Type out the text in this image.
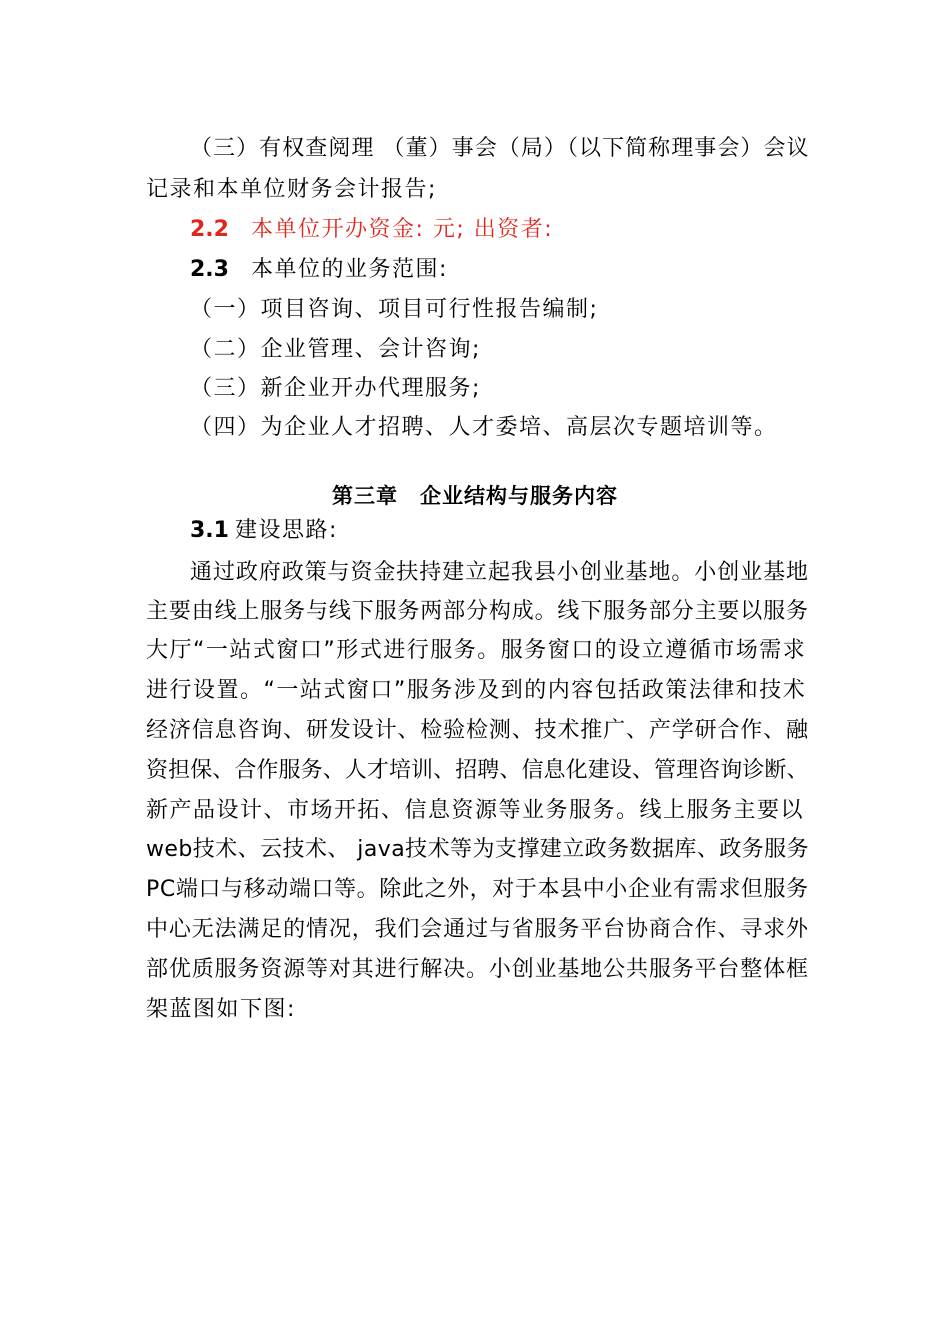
（三）有权查阅理 （董）事会（局）（以下简称理事会）会议
记录和本单位财务会计报告;
2.2 本单位开办资金: 元; 出资者:
2.3 本单位的业务范围:
（一）项目咨询、项目可行性报告编制;
（二）企业管理、会计咨询;
（三）新企业开办代理服务;
（四）为企业人才招聘、人才委培、高层次专题培训等。
第三章　企业结构与服务内容
3.1 建设思路:
通过政府政策与资金扶持建立起我县小创业基地。小创业基地
主要由线上服务与线下服务两部分构成。线下服务部分主要以服务
大厅“一站式窗口”形式进行服务。服务窗口的设立遵循市场需求
进行设置。“一站式窗口”服务涉及到的内容包括政策法律和技术
经济信息咨询、研发设计、检验检测、技术推广、产学研合作、融
资担保、合作服务、人才培训、招聘、信息化建设、管理咨询诊断、
新产品设计、市场开拓、信息资源等业务服务。线上服务主要以
web技术、云技术、 java技术等为支撑建立政务数据库、政务服务
PC端口与移动端口等。除此之外，对于本县中小企业有需求但服务
中心无法满足的情况，我们会通过与省服务平台协商合作、寻求外
部优质服务资源等对其进行解决。小创业基地公共服务平台整体框
架蓝图如下图:
